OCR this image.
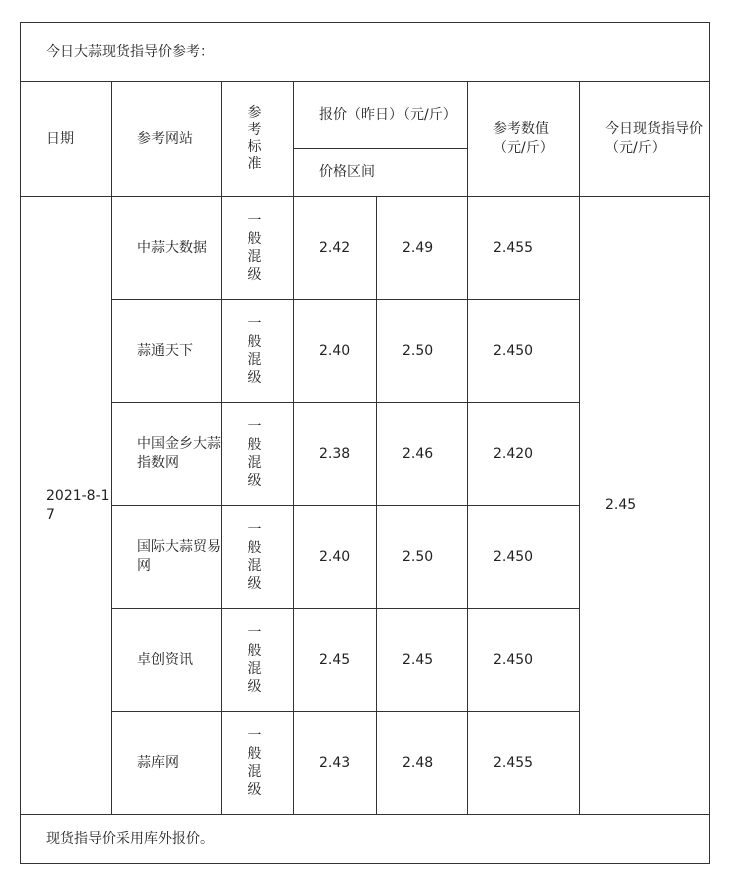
今日大蒜现货指导价参考：						
日期	参考网站	参考标准	报价（昨日）（元/斤）		参考数值（元/斤）	今日现货指导价（元/斤）
			价格区间			
2021-8-17	中蒜大数据	一般混级	2.42	2.49	2.455	2.45
	蒜通天下	一般混级	2.40	2.50	2.450	
	中国金乡大蒜指数网	一般混级	2.38	2.46	2.420	
	国际大蒜贸易网	一般混级	2.40	2.50	2.450	
	卓创资讯	一般混级	2.45	2.45	2.450	
	蒜库网	一般混级	2.43	2.48	2.455	
现货指导价采用库外报价。						
